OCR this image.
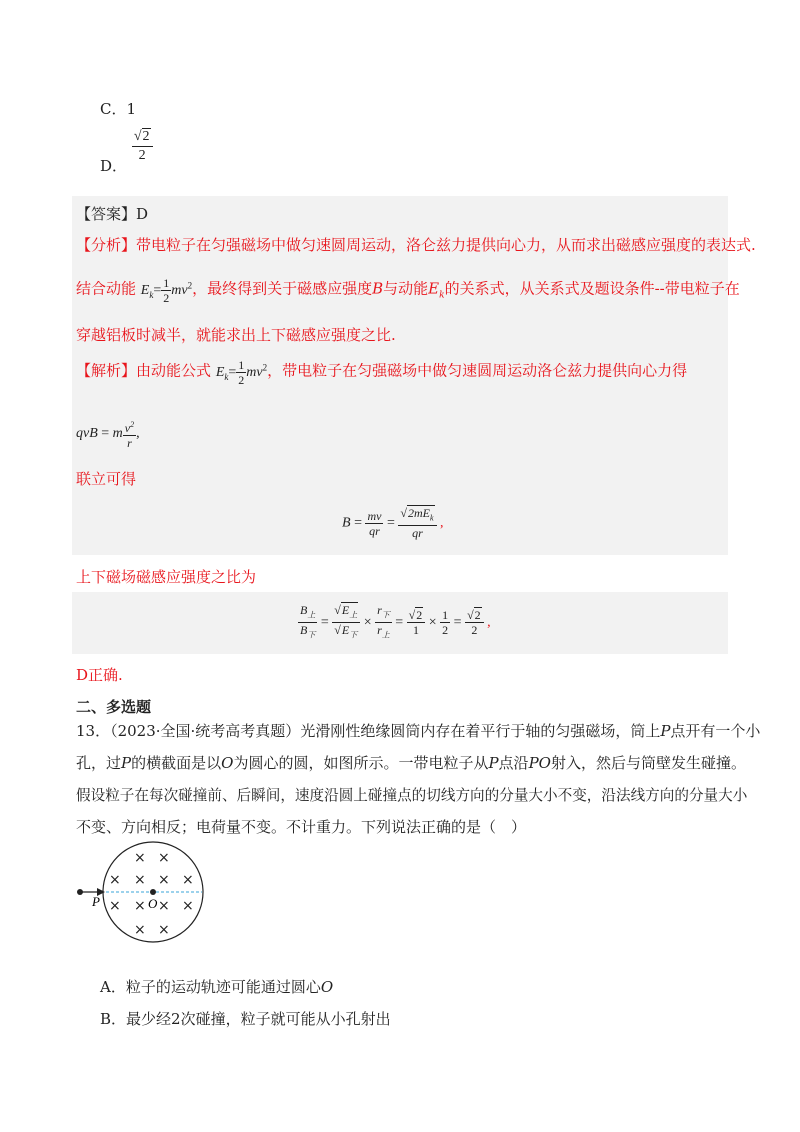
C．1
D．
$\frac{√2}{2}$
【答案】D
【分析】带电粒子在匀强磁场中做匀速圆周运动，洛仑兹力提供向心力，从而求出磁感应强度的表达式.
结合动能 $E_k= \frac{1}{2} mv^2$，最终得到关于磁感应强度B与动能$E_k$的关系式，从关系式及题设条件--带电粒子在
穿越铝板时减半，就能求出上下磁感应强度之比.
【解析】由动能公式 $E_k= \frac{1}{2} mv^2$，带电粒子在匀强磁场中做匀速圆周运动洛仑兹力提供向心力得
qvB = m $\frac{v^2}{r}$ ,
联立可得
$B = \frac{mv}{qr} = \frac{√2mE_k}{qr}$ ,
上下磁场磁感应强度之比为
$\frac{B_上}{B_下} = \frac{√E_上}{√E_下} \times \frac{r_下}{r_上} = \frac{√2}{1} \times \frac{1}{2} = \frac{√2}{2}$ ,
D正确.
二、多选题
13．（2023·全国·统考高考真题）光滑刚性绝缘圆筒内存在着平行于轴的匀强磁场，筒上P点开有一个小
孔，过P的横截面是以O为圆心的圆，如图所示。一带电粒子从P点沿PO射入，然后与筒壁发生碰撞。
假设粒子在每次碰撞前、后瞬间，速度沿圆上碰撞点的切线方向的分量大小不变，沿法线方向的分量大小
不变、方向相反；电荷量不变。不计重力。下列说法正确的是（　）
P	O
× ×
× × × ×
× × × ×
× ×
A．粒子的运动轨迹可能通过圆心O
B．最少经2次碰撞，粒子就可能从小孔射出
